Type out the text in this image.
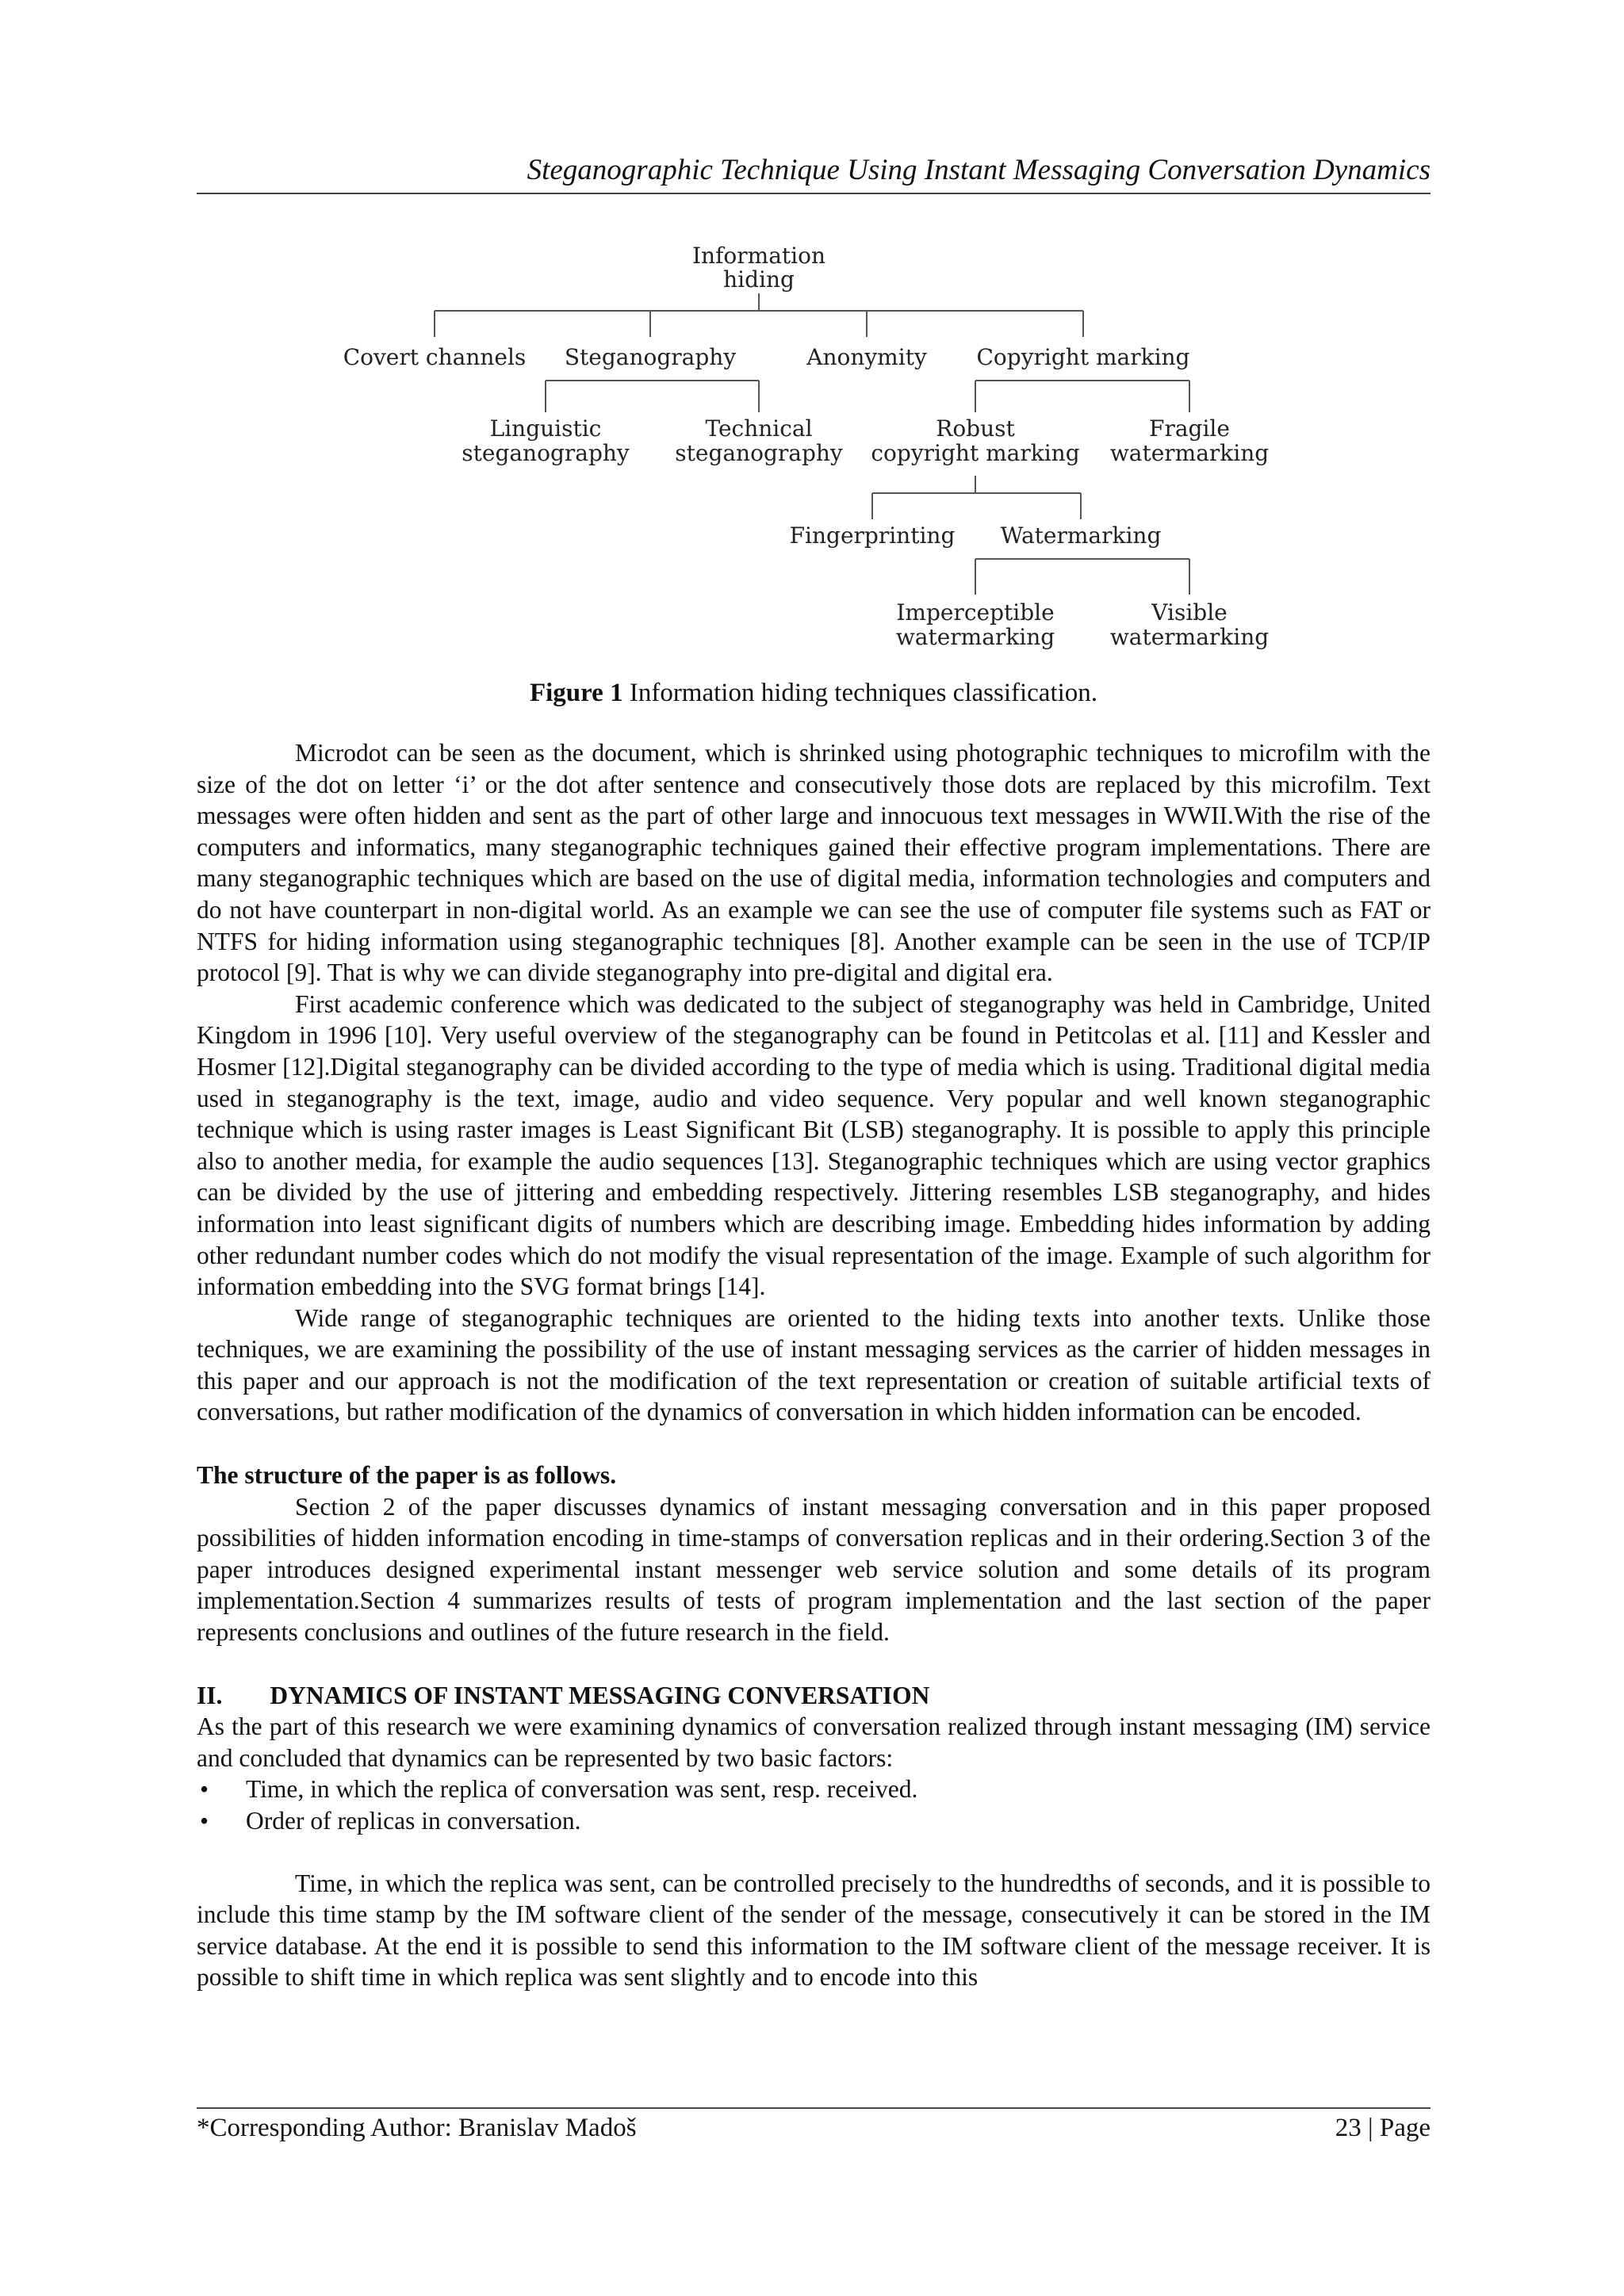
Steganographic Technique Using Instant Messaging Conversation Dynamics
Information
hiding
Covert channels Steganography	Anonymity Copyright marking
Linguistic
steganography
Technical
steganography
Robust
copyright marking
Fragile
watermarking
Fingerprinting Watermarking
Imperceptible
watermarking
Visible
watermarking
Figure 1 Information hiding techniques classification.

Microdot can be seen as the document, which is shrinked using photographic techniques to microfilm with the size of the dot on letter ‘i’ or the dot after sentence and consecutively those dots are replaced by this microfilm. Text messages were often hidden and sent as the part of other large and innocuous text messages in WWII.With the rise of the computers and informatics, many steganographic techniques gained their effective program implementations. There are many steganographic techniques which are based on the use of digital media, information technologies and computers and do not have counterpart in non-digital world. As an example we can see the use of computer file systems such as FAT or NTFS for hiding information using steganographic techniques [8]. Another example can be seen in the use of TCP/IP protocol [9]. That is why we can divide steganography into pre-digital and digital era.

First academic conference which was dedicated to the subject of steganography was held in Cambridge, United Kingdom in 1996 [10]. Very useful overview of the steganography can be found in Petitcolas et al. [11] and Kessler and Hosmer [12].Digital steganography can be divided according to the type of media which is using. Traditional digital media used in steganography is the text, image, audio and video sequence. Very popular and well known steganographic technique which is using raster images is Least Significant Bit (LSB) steganography. It is possible to apply this principle also to another media, for example the audio sequences [13]. Steganographic techniques which are using vector graphics can be divided by the use of jittering and embedding respectively. Jittering resembles LSB steganography, and hides information into least significant digits of numbers which are describing image. Embedding hides information by adding other redundant number codes which do not modify the visual representation of the image. Example of such algorithm for information embedding into the SVG format brings [14].

Wide range of steganographic techniques are oriented to the hiding texts into another texts. Unlike those techniques, we are examining the possibility of the use of instant messaging services as the carrier of hidden messages in this paper and our approach is not the modification of the text representation or creation of suitable artificial texts of conversations, but rather modification of the dynamics of conversation in which hidden information can be encoded.

The structure of the paper is as follows.

Section 2 of the paper discusses dynamics of instant messaging conversation and in this paper proposed possibilities of hidden information encoding in time-stamps of conversation replicas and in their ordering.Section 3 of the paper introduces designed experimental instant messenger web service solution and some details of its program implementation.Section 4 summarizes results of tests of program implementation and the last section of the paper represents conclusions and outlines of the future research in the field.

II. DYNAMICS OF INSTANT MESSAGING CONVERSATION

As the part of this research we were examining dynamics of conversation realized through instant messaging (IM) service and concluded that dynamics can be represented by two basic factors:

• Time, in which the replica of conversation was sent, resp. received.
• Order of replicas in conversation.

Time, in which the replica was sent, can be controlled precisely to the hundredths of seconds, and it is possible to include this time stamp by the IM software client of the sender of the message, consecutively it can be stored in the IM service database. At the end it is possible to send this information to the IM software client of the message receiver. It is possible to shift time in which replica was sent slightly and to encode into this

*Corresponding Author: Branislav Madoš	23 | Page
